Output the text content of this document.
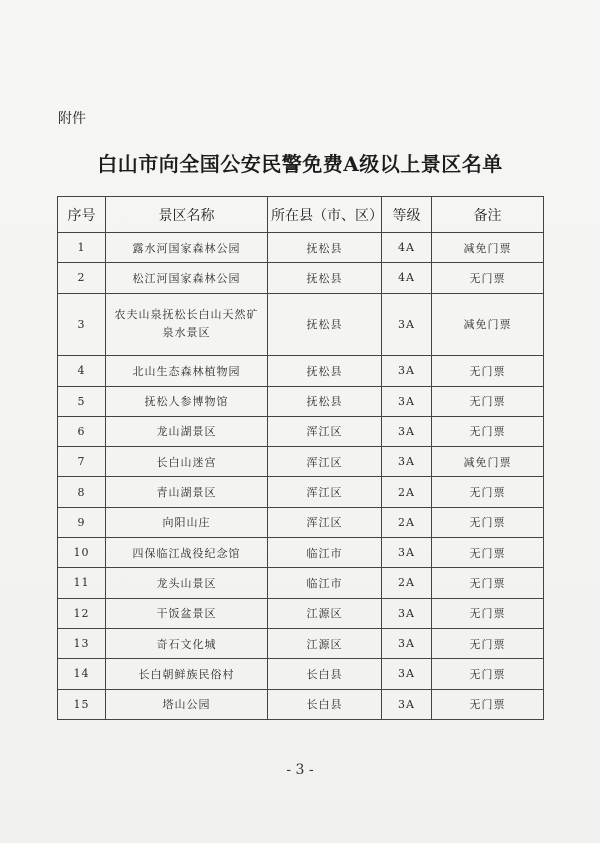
附件
白山市向全国公安民警免费A级以上景区名单
序号	景区名称	所在县（市、区）	等级	备注
1	露水河国家森林公园	抚松县	4A	减免门票
2	松江河国家森林公园	抚松县	4A	无门票
3	农夫山泉抚松长白山天然矿泉水景区	抚松县	3A	减免门票
4	北山生态森林植物园	抚松县	3A	无门票
5	抚松人参博物馆	抚松县	3A	无门票
6	龙山湖景区	浑江区	3A	无门票
7	长白山迷宫	浑江区	3A	减免门票
8	青山湖景区	浑江区	2A	无门票
9	向阳山庄	浑江区	2A	无门票
10	四保临江战役纪念馆	临江市	3A	无门票
11	龙头山景区	临江市	2A	无门票
12	干饭盆景区	江源区	3A	无门票
13	奇石文化城	江源区	3A	无门票
14	长白朝鲜族民俗村	长白县	3A	无门票
15	塔山公园	长白县	3A	无门票
- 3 -
